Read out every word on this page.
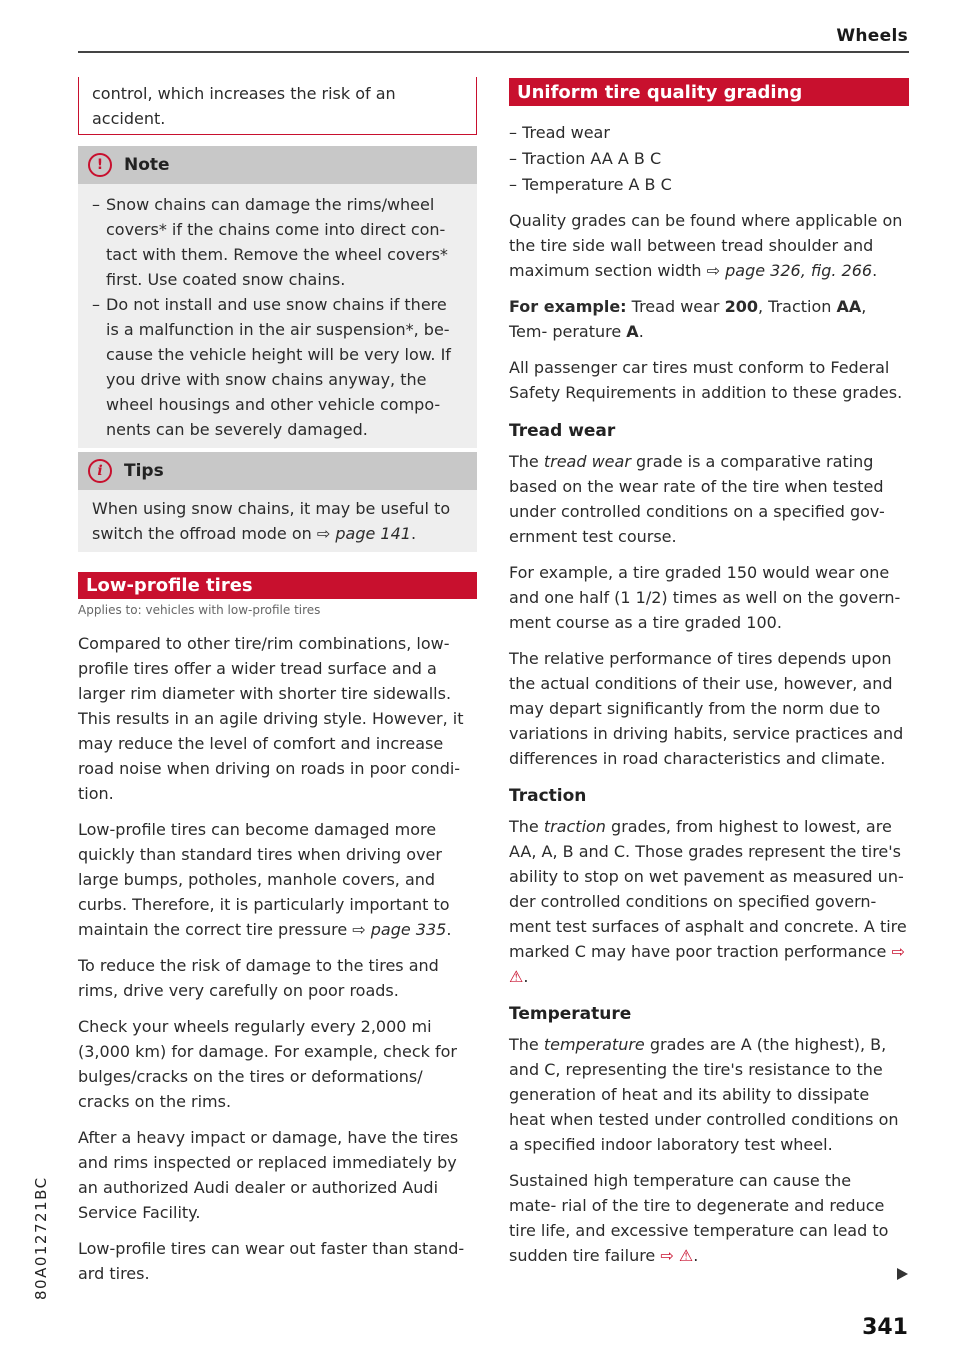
Wheels

control, which increases the risk of an accident.

!	Note
– Snow chains can damage the rims/wheel covers* if the chains come into direct con- tact with them. Remove the wheel covers* first. Use coated snow chains.
– Do not install and use snow chains if there is a malfunction in the air suspension*, be- cause the vehicle height will be very low. If you drive with snow chains anyway, the wheel housings and other vehicle compo- nents can be severely damaged.
i	Tips

When using snow chains, it may be useful to switch the offroad mode on ⇨ page 141.

Low-profile tires
Applies to: vehicles with low-profile tires

Compared to other tire/rim combinations, low- profile tires offer a wider tread surface and a larger rim diameter with shorter tire sidewalls. This results in an agile driving style. However, it may reduce the level of comfort and increase road noise when driving on roads in poor condi- tion.

Low-profile tires can become damaged more quickly than standard tires when driving over large bumps, potholes, manhole covers, and curbs. Therefore, it is particularly important to maintain the correct tire pressure ⇨ page 335.

To reduce the risk of damage to the tires and rims, drive very carefully on poor roads.

Check your wheels regularly every 2,000 mi (3,000 km) for damage. For example, check for bulges/cracks on the tires or deformations/ cracks on the rims.

After a heavy impact or damage, have the tires and rims inspected or replaced immediately by an authorized Audi dealer or authorized Audi Service Facility.

Low-profile tires can wear out faster than stand- ard tires.

Uniform tire quality grading
– Tread wear
– Traction AA A B C
– Temperature A B C

Quality grades can be found where applicable on the tire side wall between tread shoulder and maximum section width ⇨ page 326, fig. 266.

For example: Tread wear 200, Traction AA, Tem- perature A.

All passenger car tires must conform to Federal Safety Requirements in addition to these grades.

Tread wear

The tread wear grade is a comparative rating based on the wear rate of the tire when tested under controlled conditions on a specified gov- ernment test course.

For example, a tire graded 150 would wear one and one half (1 1/2) times as well on the govern- ment course as a tire graded 100.

The relative performance of tires depends upon the actual conditions of their use, however, and may depart significantly from the norm due to variations in driving habits, service practices and differences in road characteristics and climate.

Traction

The traction grades, from highest to lowest, are AA, A, B and C. Those grades represent the tire's ability to stop on wet pavement as measured un- der controlled conditions on specified govern- ment test surfaces of asphalt and concrete. A tire marked C may have poor traction performance ⇨ ⚠.

Temperature

The temperature grades are A (the highest), B, and C, representing the tire's resistance to the generation of heat and its ability to dissipate heat when tested under controlled conditions on a specified indoor laboratory test wheel.

Sustained high temperature can cause the mate- rial of the tire to degenerate and reduce tire life, and excessive temperature can lead to sudden tire failure ⇨ ⚠.

341
80A012721BC
